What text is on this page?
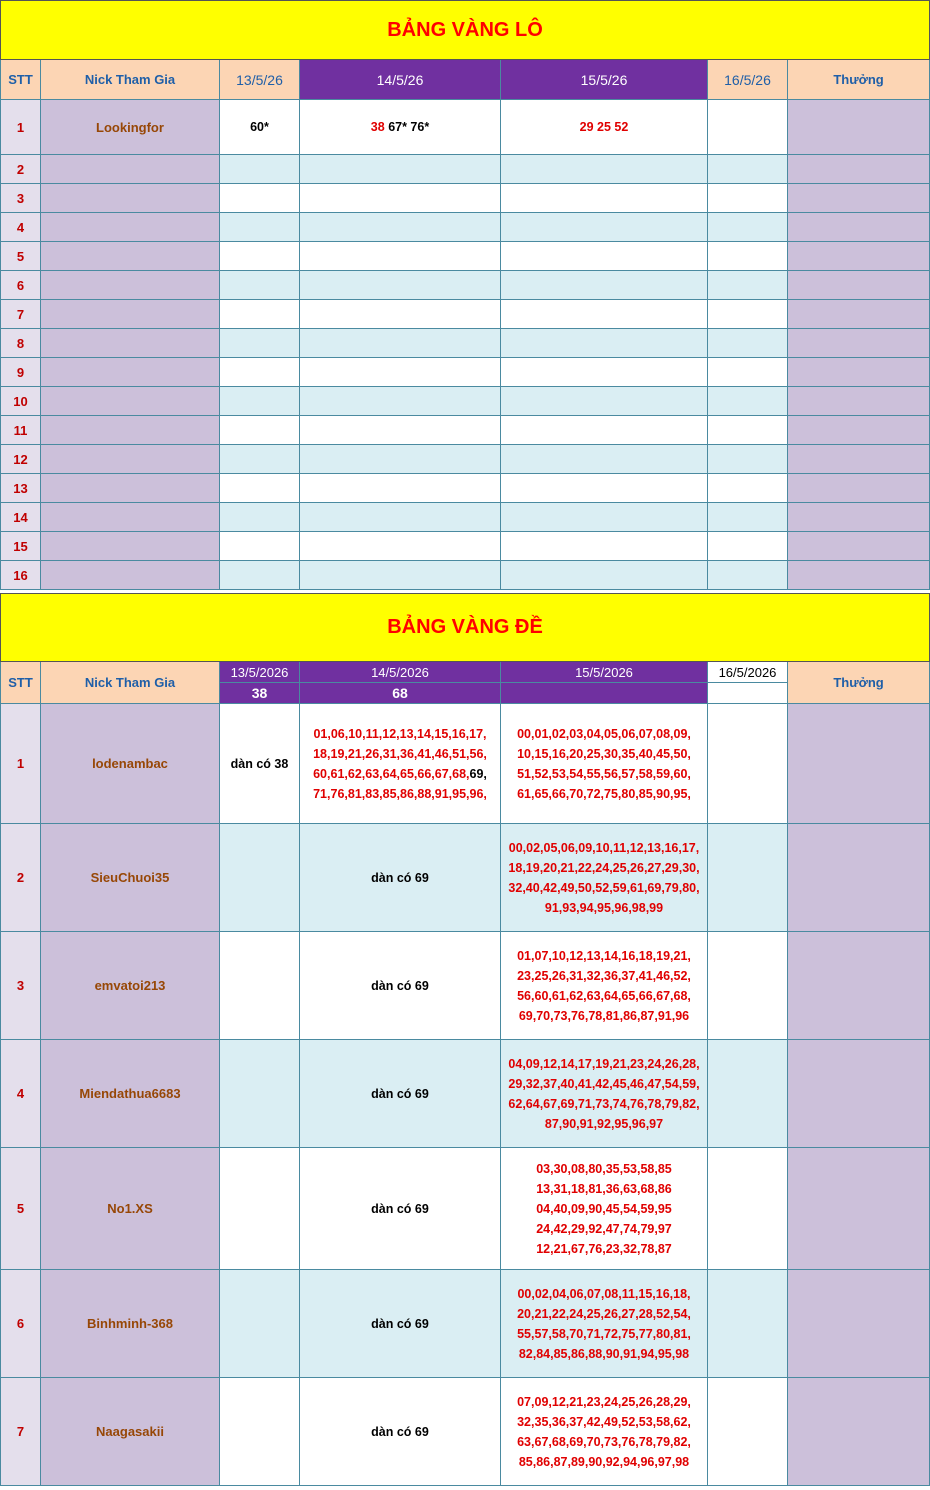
BẢNG VÀNG LÔ						
STT	Nick Tham Gia	13/5/26	14/5/26	15/5/26	16/5/26	Thưởng
1	Lookingfor	60*	38 67* 76*	29 25 52		
2						
3						
4						
5						
6						
7						
8						
9						
10						
11						
12						
13						
14						
15						
16						
BẢNG VÀNG ĐỀ						
STT	Nick Tham Gia	13/5/2026	14/5/2026	15/5/2026	16/5/2026	Thưởng
		38	68			
1	lodenambac	dàn có 38	01,06,10,11,12,13,14,15,16,17,
18,19,21,26,31,36,41,46,51,56,
60,61,62,63,64,65,66,67,68,69,
71,76,81,83,85,86,88,91,95,96,	00,01,02,03,04,05,06,07,08,09,
10,15,16,20,25,30,35,40,45,50,
51,52,53,54,55,56,57,58,59,60,
61,65,66,70,72,75,80,85,90,95,

2	SieuChuoi35		dàn có 69	00,02,05,06,09,10,11,12,13,16,17,
18,19,20,21,22,24,25,26,27,29,30,
32,40,42,49,50,52,59,61,69,79,80,
91,93,94,95,96,98,99

3	emvatoi213		dàn có 69	01,07,10,12,13,14,16,18,19,21,
23,25,26,31,32,36,37,41,46,52,
56,60,61,62,63,64,65,66,67,68,
69,70,73,76,78,81,86,87,91,96

4	Miendathua6683		dàn có 69	04,09,12,14,17,19,21,23,24,26,28,
29,32,37,40,41,42,45,46,47,54,59,
62,64,67,69,71,73,74,76,78,79,82,
87,90,91,92,95,96,97

5	No1.XS		dàn có 69	03,30,08,80,35,53,58,85
13,31,18,81,36,63,68,86
04,40,09,90,45,54,59,95
24,42,29,92,47,74,79,97
12,21,67,76,23,32,78,87

6	Binhminh-368		dàn có 69	00,02,04,06,07,08,11,15,16,18,
20,21,22,24,25,26,27,28,52,54,
55,57,58,70,71,72,75,77,80,81,
82,84,85,86,88,90,91,94,95,98

7	Naagasakii		dàn có 69	07,09,12,21,23,24,25,26,28,29,
32,35,36,37,42,49,52,53,58,62,
63,67,68,69,70,73,76,78,79,82,
85,86,87,89,90,92,94,96,97,98
